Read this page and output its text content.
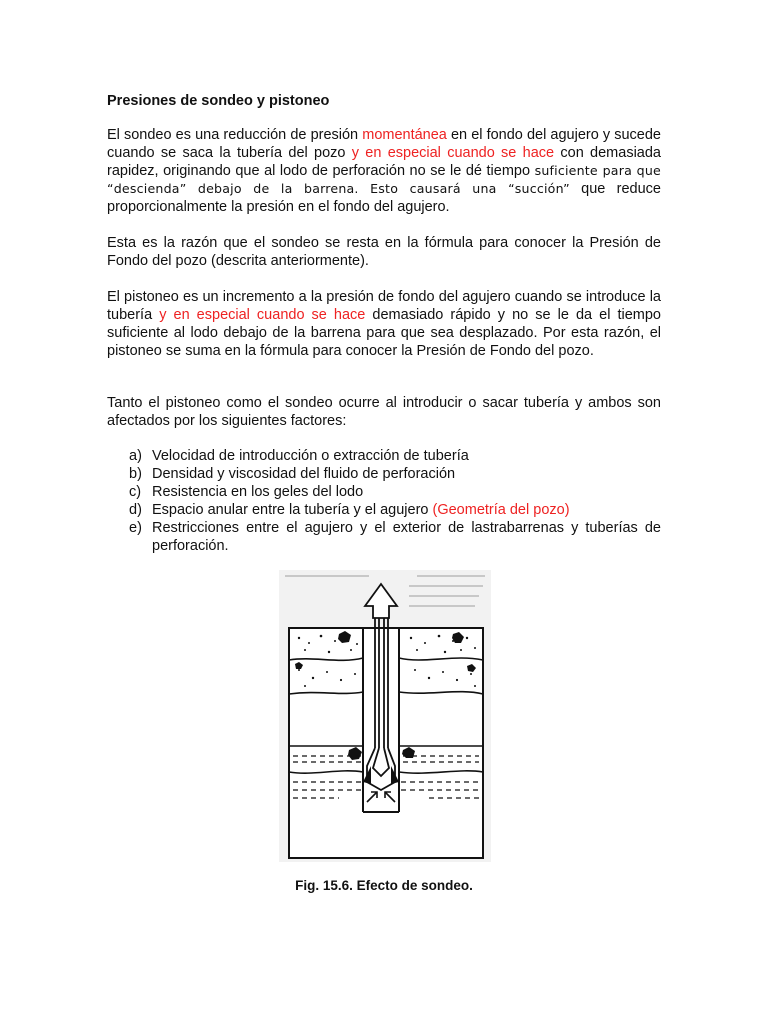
Presiones de sondeo y pistoneo

El sondeo es una reducción de presión momentánea en el fondo del agujero y sucede cuando se saca la tubería del pozo y en especial cuando se hace con demasiada rapidez, originando que al lodo de perforación no se le dé tiempo suficiente para que “descienda” debajo de la barrena. Esto causará una “succión” que reduce proporcionalmente la presión en el fondo del agujero.

Esta es la razón que el sondeo se resta en la fórmula para conocer la Presión de Fondo del pozo (descrita anteriormente).

El pistoneo es un incremento a la presión de fondo del agujero cuando se introduce la tubería y en especial cuando se hace demasiado rápido y no se le da el tiempo suficiente al lodo debajo de la barrena para que sea desplazado. Por esta razón, el pistoneo se suma en la fórmula para conocer la Presión de Fondo del pozo.

Tanto el pistoneo como el sondeo ocurre al introducir o sacar tubería y ambos son afectados por los siguientes factores:

a) Velocidad de introducción o extracción de tubería
b) Densidad y viscosidad del fluido de perforación
c) Resistencia en los geles del lodo
d) Espacio anular entre la tubería y el agujero (Geometría del pozo)
e) Restricciones entre el agujero y el exterior de lastrabarrenas y tuberías de perforación.

Fig. 15.6. Efecto de sondeo.
